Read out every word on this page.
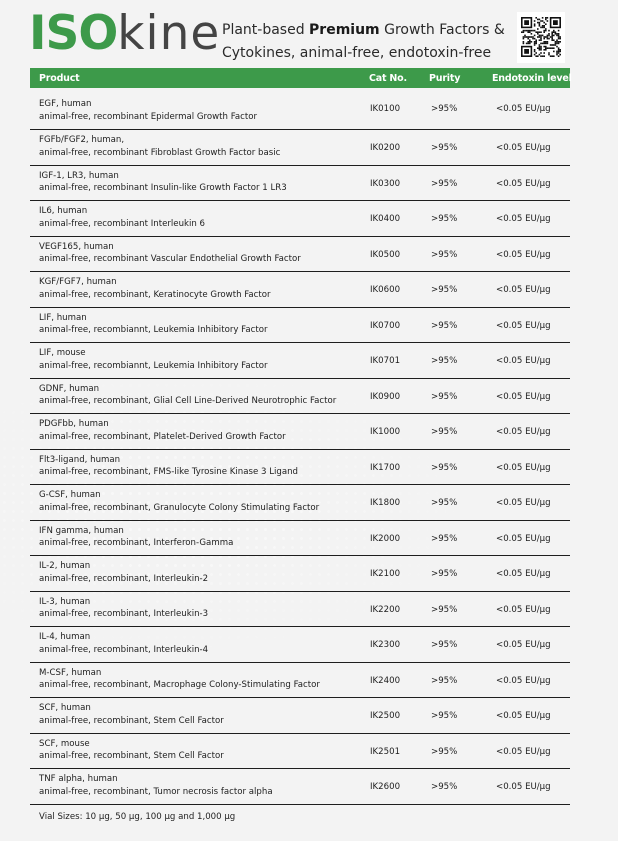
ISOkine Plant-based Premium Growth Factors & Cytokines, animal-free, endotoxin-free
Product	Cat No. Purity	Endotoxin level
EGF, human
animal-free, recombinant Epidermal Growth Factor
IK0100	>95%	<0.05 EU/µg
FGFb/FGF2, human,
animal-free, recombinant Fibroblast Growth Factor basic	IK0200	>95%	<0.05 EU/µg
IGF-1, LR3, human
animal-free, recombinant Insulin-like Growth Factor 1 LR3	IK0300	>95%	<0.05 EU/µg
IL6, human
animal-free, recombinant Interleukin 6	IK0400	>95%	<0.05 EU/µg
VEGF165, human
animal-free, recombinant Vascular Endothelial Growth Factor	IK0500	>95%	<0.05 EU/µg
KGF/FGF7, human
animal-free, recombinant, Keratinocyte Growth Factor	IK0600	>95%	<0.05 EU/µg
LIF, human
animal-free, recombiannt, Leukemia Inhibitory Factor	IK0700	>95%	<0.05 EU/µg
LIF, mouse
animal-free, recombiannt, Leukemia Inhibitory Factor	IK0701	>95%	<0.05 EU/µg
GDNF, human
animal-free, recombinant, Glial Cell Line-Derived Neurotrophic Factor	IK0900	>95%	<0.05 EU/µg
PDGFbb, human
animal-free, recombinant, Platelet-Derived Growth Factor	IK1000	>95%	<0.05 EU/µg
Flt3-ligand, human
animal-free, recombinant, FMS-like Tyrosine Kinase 3 Ligand	IK1700	>95%	<0.05 EU/µg
G-CSF, human
animal-free, recombinant, Granulocyte Colony Stimulating Factor	IK1800	>95%	<0.05 EU/µg
IFN gamma, human
animal-free, recombinant, Interferon-Gamma	IK2000	>95%	<0.05 EU/µg
IL-2, human
animal-free, recombinant, Interleukin-2	IK2100	>95%	<0.05 EU/µg
IL-3, human
animal-free, recombinant, Interleukin-3	IK2200	>95%	<0.05 EU/µg
IL-4, human
animal-free, recombinant, Interleukin-4	IK2300	>95%	<0.05 EU/µg
M-CSF, human
animal-free, recombinant, Macrophage Colony-Stimulating Factor	IK2400	>95%	<0.05 EU/µg
SCF, human
animal-free, recombinant, Stem Cell Factor	IK2500	>95%	<0.05 EU/µg
SCF, mouse
animal-free, recombinant, Stem Cell Factor	IK2501	>95%	<0.05 EU/µg
TNF alpha, human
animal-free, recombinant, Tumor necrosis factor alpha	IK2600	>95%	<0.05 EU/µg
Vial Sizes: 10 µg, 50 µg, 100 µg and 1,000 µg
